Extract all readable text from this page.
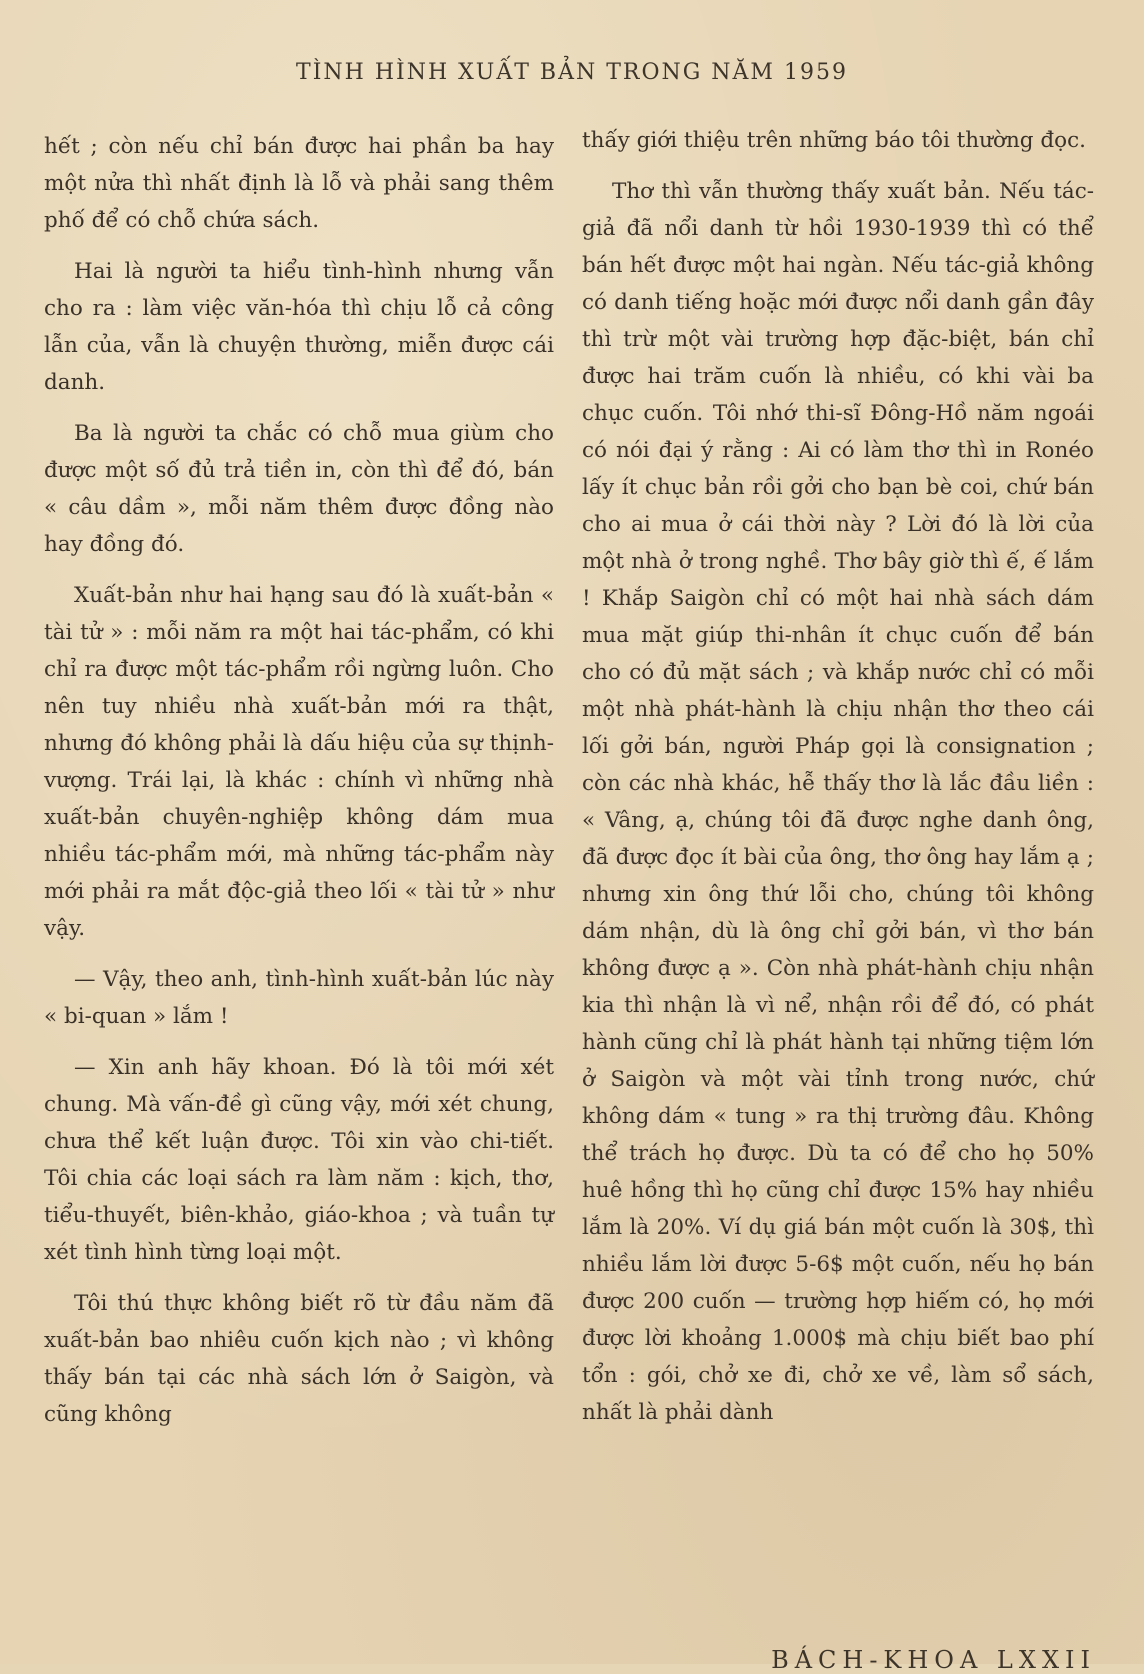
TÌNH HÌNH XUẤT BẢN TRONG NĂM 1959

hết ; còn nếu chỉ bán được hai phần ba hay một nửa thì nhất định là lỗ và phải sang thêm phố để có chỗ chứa sách.

Hai là người ta hiểu tình-hình nhưng vẫn cho ra : làm việc văn-hóa thì chịu lỗ cả công lẫn của, vẫn là chuyện thường, miễn được cái danh.

Ba là người ta chắc có chỗ mua giùm cho được một số đủ trả tiền in, còn thì để đó, bán « câu dầm », mỗi năm thêm được đồng nào hay đồng đó.

Xuất-bản như hai hạng sau đó là xuất-bản « tài tử » : mỗi năm ra một hai tác-phẩm, có khi chỉ ra được một tác-phẩm rồi ngừng luôn. Cho nên tuy nhiều nhà xuất-bản mới ra thật, nhưng đó không phải là dấu hiệu của sự thịnh-vượng. Trái lại, là khác : chính vì những nhà xuất-bản chuyên-nghiệp không dám mua nhiều tác-phẩm mới, mà những tác-phẩm này mới phải ra mắt độc-giả theo lối « tài tử » như vậy.

— Vậy, theo anh, tình-hình xuất-bản lúc này « bi-quan » lắm !

— Xin anh hãy khoan. Đó là tôi mới xét chung. Mà vấn-đề gì cũng vậy, mới xét chung, chưa thể kết luận được. Tôi xin vào chi-tiết. Tôi chia các loại sách ra làm năm : kịch, thơ, tiểu-thuyết, biên-khảo, giáo-khoa ; và tuần tự xét tình hình từng loại một.

Tôi thú thực không biết rõ từ đầu năm đã xuất-bản bao nhiêu cuốn kịch nào ; vì không thấy bán tại các nhà sách lớn ở Saigòn, và cũng không

thấy giới thiệu trên những báo tôi thường đọc.

Thơ thì vẫn thường thấy xuất bản. Nếu tác-giả đã nổi danh từ hồi 1930-1939 thì có thể bán hết được một hai ngàn. Nếu tác-giả không có danh tiếng hoặc mới được nổi danh gần đây thì trừ một vài trường hợp đặc-biệt, bán chỉ được hai trăm cuốn là nhiều, có khi vài ba chục cuốn. Tôi nhớ thi-sĩ Đông-Hồ năm ngoái có nói đại ý rằng : Ai có làm thơ thì in Ronéo lấy ít chục bản rồi gởi cho bạn bè coi, chứ bán cho ai mua ở cái thời này ? Lời đó là lời của một nhà ở trong nghề. Thơ bây giờ thì ế, ế lắm ! Khắp Saigòn chỉ có một hai nhà sách dám mua mặt giúp thi-nhân ít chục cuốn để bán cho có đủ mặt sách ; và khắp nước chỉ có mỗi một nhà phát-hành là chịu nhận thơ theo cái lối gởi bán, người Pháp gọi là consignation ; còn các nhà khác, hễ thấy thơ là lắc đầu liền : « Vâng, ạ, chúng tôi đã được nghe danh ông, đã được đọc ít bài của ông, thơ ông hay lắm ạ ; nhưng xin ông thứ lỗi cho, chúng tôi không dám nhận, dù là ông chỉ gởi bán, vì thơ bán không được ạ ». Còn nhà phát-hành chịu nhận kia thì nhận là vì nể, nhận rồi để đó, có phát hành cũng chỉ là phát hành tại những tiệm lớn ở Saigòn và một vài tỉnh trong nước, chứ không dám « tung » ra thị trường đâu. Không thể trách họ được. Dù ta có để cho họ 50% huê hồng thì họ cũng chỉ được 15% hay nhiều lắm là 20%. Ví dụ giá bán một cuốn là 30$, thì nhiều lắm lời được 5-6$ một cuốn, nếu họ bán được 200 cuốn — trường hợp hiếm có, họ mới được lời khoảng 1.000$ mà chịu biết bao phí tổn : gói, chở xe đi, chở xe về, làm sổ sách, nhất là phải dành

BÁCH-KHOA LXXII
